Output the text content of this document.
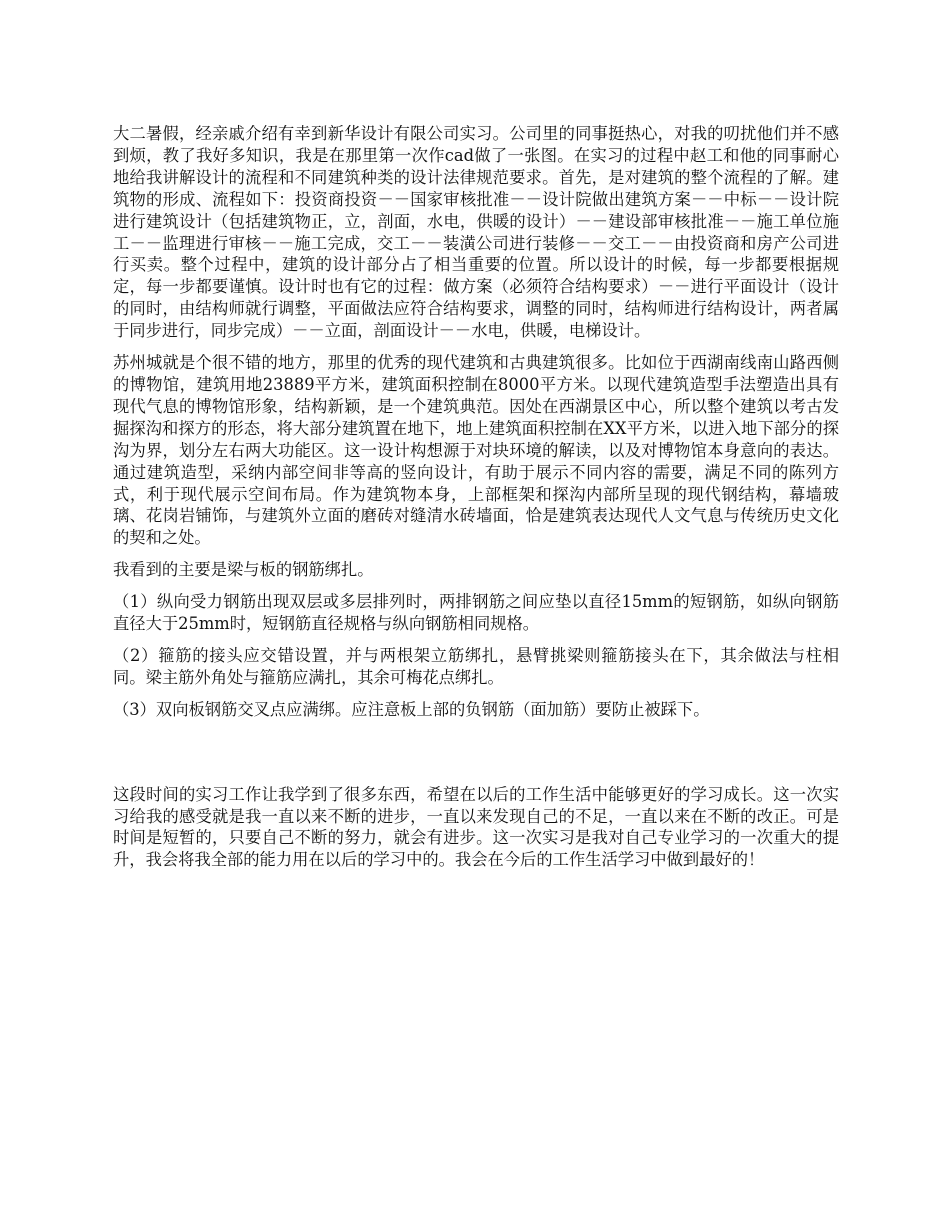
大二暑假，经亲戚介绍有幸到新华设计有限公司实习。公司里的同事挺热心，对我的叨扰他们并不感到烦，教了我好多知识，我是在那里第一次作cad做了一张图。在实习的过程中赵工和他的同事耐心地给我讲解设计的流程和不同建筑种类的设计法律规范要求。首先，是对建筑的整个流程的了解。建筑物的形成、流程如下：投资商投资－－国家审核批准－－设计院做出建筑方案－－中标－－设计院进行建筑设计（包括建筑物正，立，剖面，水电，供暖的设计）－－建设部审核批准－－施工单位施工－－监理进行审核－－施工完成，交工－－装潢公司进行装修－－交工－－由投资商和房产公司进行买卖。整个过程中，建筑的设计部分占了相当重要的位置。所以设计的时候，每一步都要根据规定，每一步都要谨慎。设计时也有它的过程：做方案（必须符合结构要求）－－进行平面设计（设计的同时，由结构师就行调整，平面做法应符合结构要求，调整的同时，结构师进行结构设计，两者属于同步进行，同步完成）－－立面，剖面设计－－水电，供暖，电梯设计。

苏州城就是个很不错的地方，那里的优秀的现代建筑和古典建筑很多。比如位于西湖南线南山路西侧的博物馆，建筑用地23889平方米，建筑面积控制在8000平方米。以现代建筑造型手法塑造出具有现代气息的博物馆形象，结构新颖，是一个建筑典范。因处在西湖景区中心，所以整个建筑以考古发掘探沟和探方的形态，将大部分建筑置在地下，地上建筑面积控制在XX平方米，以进入地下部分的探沟为界，划分左右两大功能区。这一设计构想源于对块环境的解读，以及对博物馆本身意向的表达。通过建筑造型，采纳内部空间非等高的竖向设计，有助于展示不同内容的需要，满足不同的陈列方式，利于现代展示空间布局。作为建筑物本身，上部框架和探沟内部所呈现的现代钢结构，幕墙玻璃、花岗岩铺饰，与建筑外立面的磨砖对缝清水砖墙面，恰是建筑表达现代人文气息与传统历史文化的契和之处。

我看到的主要是梁与板的钢筋绑扎。

（1）纵向受力钢筋出现双层或多层排列时，两排钢筋之间应垫以直径15mm的短钢筋，如纵向钢筋直径大于25mm时，短钢筋直径规格与纵向钢筋相同规格。

（2）箍筋的接头应交错设置，并与两根架立筋绑扎，悬臂挑梁则箍筋接头在下，其余做法与柱相同。梁主筋外角处与箍筋应满扎，其余可梅花点绑扎。

（3）双向板钢筋交叉点应满绑。应注意板上部的负钢筋（面加筋）要防止被踩下。

这段时间的实习工作让我学到了很多东西，希望在以后的工作生活中能够更好的学习成长。这一次实习给我的感受就是我一直以来不断的进步，一直以来发现自己的不足，一直以来在不断的改正。可是时间是短暂的，只要自己不断的努力，就会有进步。这一次实习是我对自己专业学习的一次重大的提升，我会将我全部的能力用在以后的学习中的。我会在今后的工作生活学习中做到最好的！
